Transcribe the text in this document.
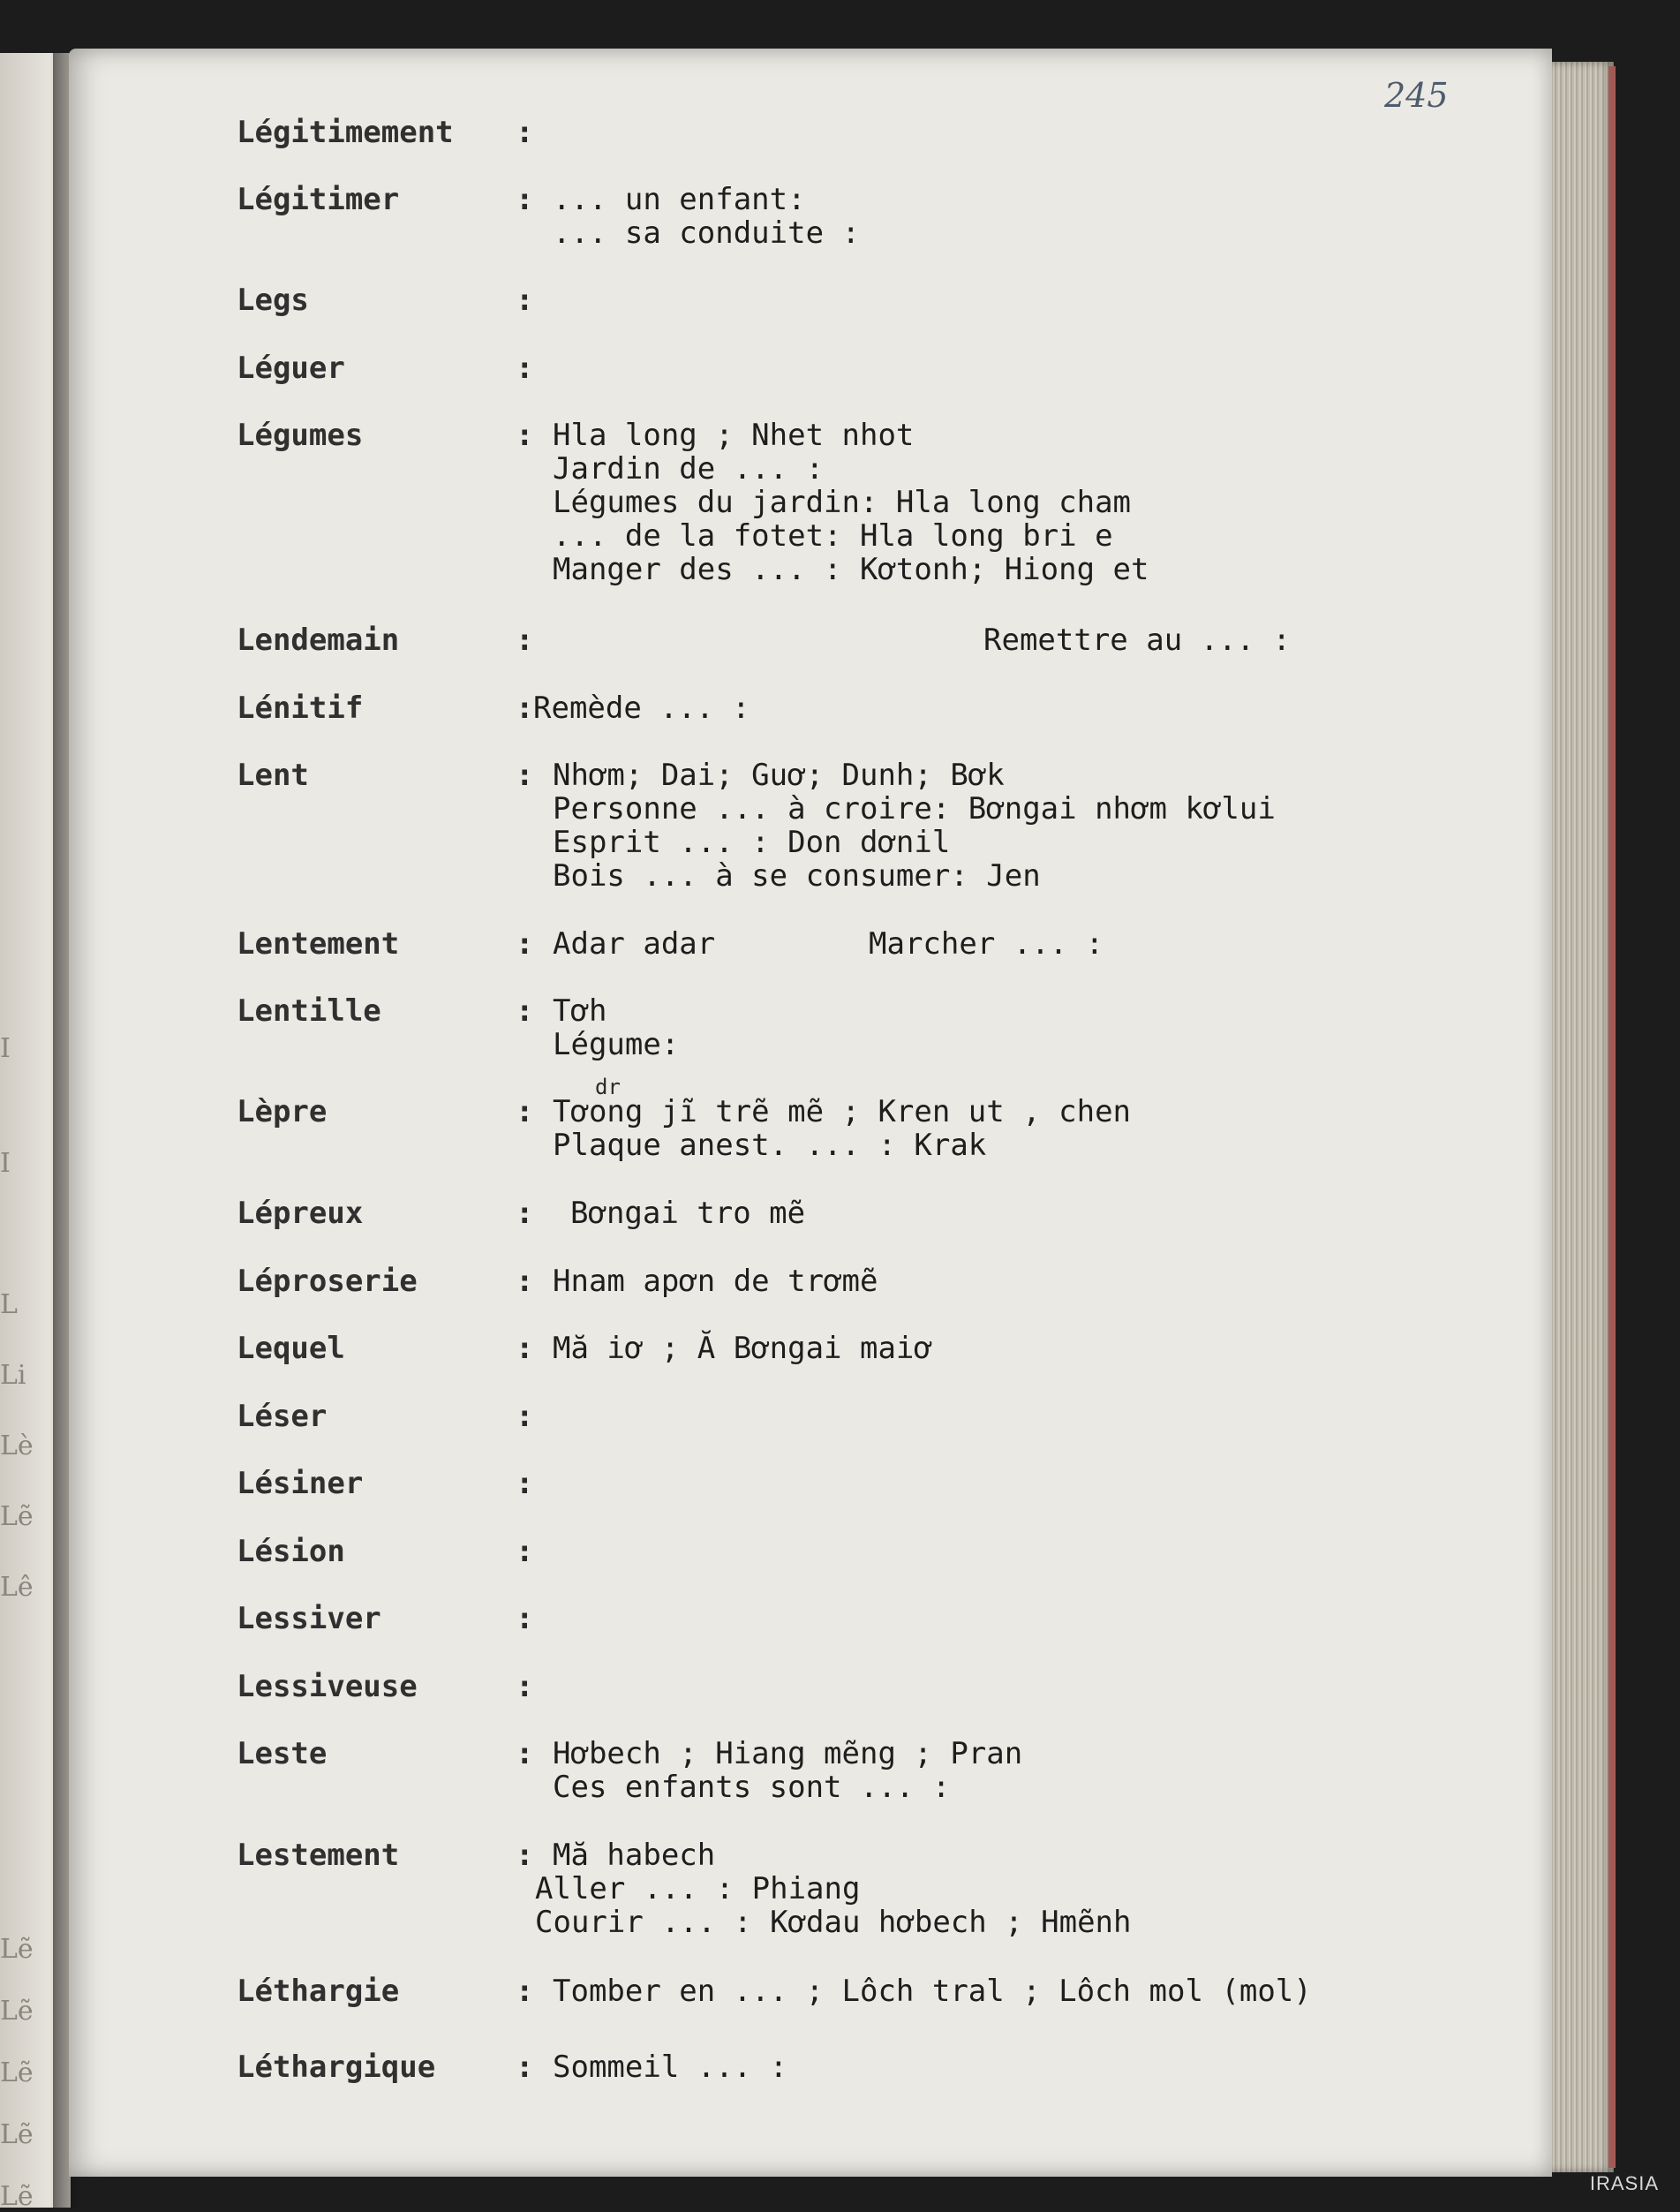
I
I
L
Li
Lè
Lẽ
Lê
Lẽ
Lẽ
Lẽ
Lẽ
Lẽ
245
Légitimement :
Légitimer	: ... un enfant:
... sa conduite :
Legs	:
Léguer	:
Légumes	: Hla long ; Nhet nhot
Jardin de ... :
Légumes du jardin: Hla long cham
... de la fotet: Hla long bri e
Manger des ... : Kơtonh; Hiong et
Lendemain	:	Remettre au ... :
Lénitif	: Remède ... :
Lent	: Nhơm; Dai; Guơ; Dunh; Bơk
Personne ... à croire: Bơngai nhơm kơlui
Esprit ... : Don dơnil
Bois ... à se consumer: Jen
Lentement	: Adar adar	Marcher ... :
Lentille	: Tơh
Légume:
dr
Lèpre	: Tơong jĩ trẽ mẽ ; Kren ut , chen
Plaque anest. ... : Krak
Lépreux	: Bơngai tro mẽ
Léproserie	: Hnam apơn de trơmẽ
Lequel	: Mă iơ ; Ă Bơngai maiơ
Léser	:
Lésiner	:
Lésion	:
Lessiver	:
Lessiveuse	:
Leste	: Hơbech ; Hiang mẽng ; Pran
Ces enfants sont ... :
Lestement	: Mă habech
Aller ... : Phiang
Courir ... : Kơdau hơbech ; Hmẽnh
Léthargie	: Tomber en ... ; Lôch tral ; Lôch mol (mol)
Léthargique	: Sommeil ... :
IRASIA
